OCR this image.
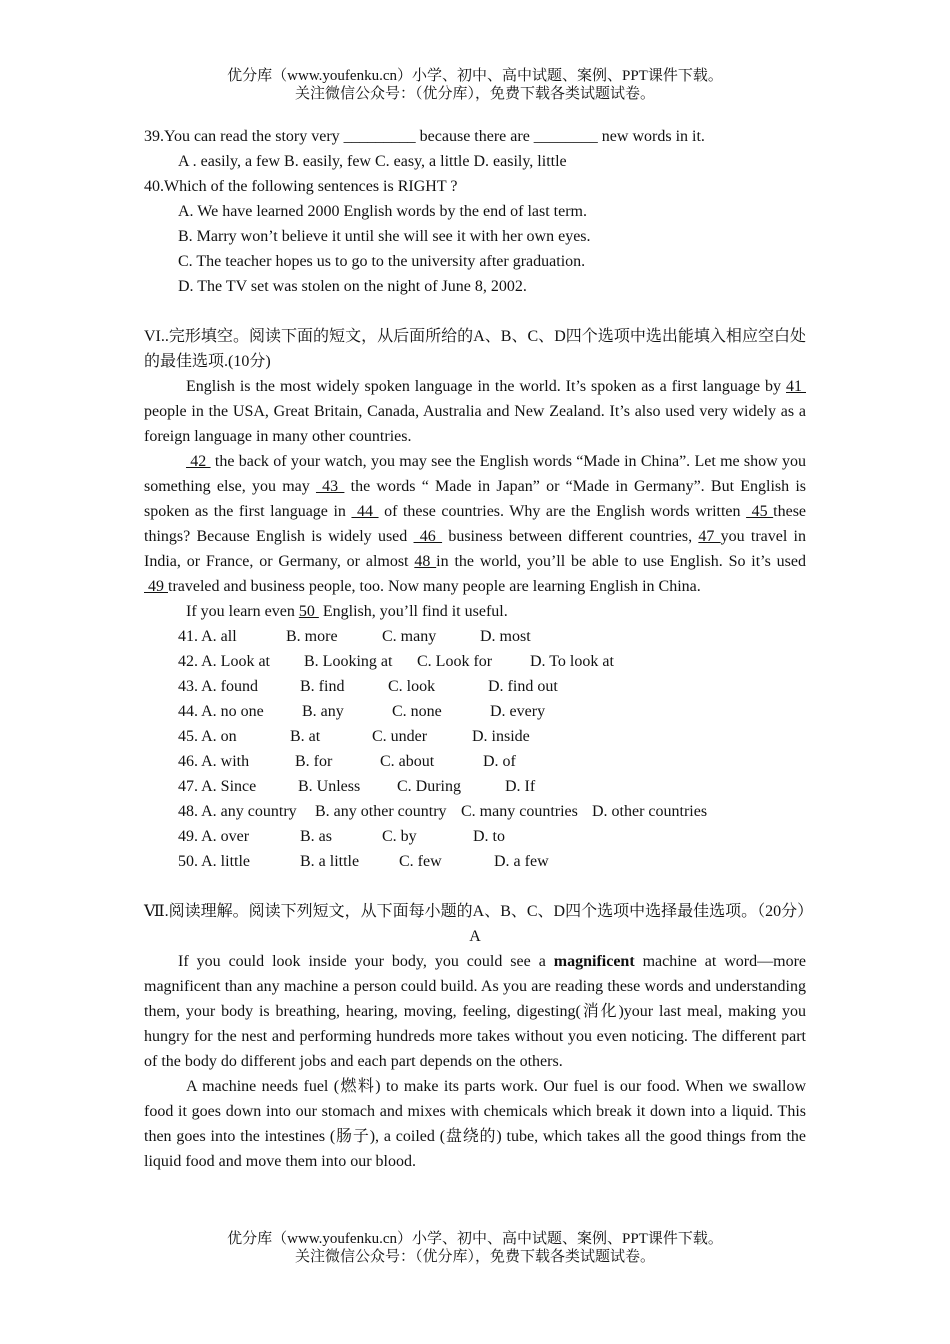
优分库（www.youfenku.cn）小学、初中、高中试题、案例、PPT课件下载。
关注微信公众号：（优分库），免费下载各类试题试卷。
39.You can read the story very _________ because there are ________ new words in it.
A . easily, a few B. easily, few C. easy, a little D. easily, little
40.Which of the following sentences is RIGHT ?
A. We have learned 2000 English words by the end of last term.
B. Marry won’t believe it until she will see it with her own eyes.
C. The teacher hopes us to go to the university after graduation.
D. The TV set was stolen on the night of June 8, 2002.
VI..完形填空。阅读下面的短文，从后面所给的A、B、C、D四个选项中选出能填入相应空白处的最佳选项.(10分)
English is the most widely spoken language in the world. It’s spoken as a first language by 41  people in the USA, Great Britain, Canada, Australia and New Zealand. It’s also used very widely as a foreign language in many other countries.
42  the back of your watch, you may see the English words “Made in China”. Let me show you something else, you may  43  the words “ Made in Japan” or “Made in Germany”. But English is spoken as the first language in  44  of these countries. Why are the English words written  45 these things? Because English is widely used  46  business between different countries, 47 you travel in India, or France, or Germany, or almost 48 in the world, you’ll be able to use English. So it’s used  49 traveled and business people, too. Now many people are learning English in China.
If you learn even 50  English, you’ll find it useful.
41. A. all	B. more	C. many	D. most
42. A. Look at B. Looking at C. Look for D. To look at
43. A. found	B. find	C. look	D. find out
44. A. no one B. any	C. none	D. every
45. A. on	B. at	C. under	D. inside
46. A. with	B. for	C. about	D. of
47. A. Since	B. Unless C. During	D. If
48. A. any country B. any other country C. many countries D. other countries
49. A. over	B. as	C. by	D. to
50. A. little	B. a little C. few	D. a few
Ⅶ.阅读理解。阅读下列短文，从下面每小题的A、B、C、D四个选项中选择最佳选项。（20分）
A
If you could look inside your body, you could see a magnificent machine at word—more magnificent than any machine a person could build. As you are reading these words and understanding them, your body is breathing, hearing, moving, feeling, digesting(消化)your last meal, making you hungry for the nest and performing hundreds more takes without you even noticing. The different part of the body do different jobs and each part depends on the others.
A machine needs fuel (燃料) to make its parts work. Our fuel is our food. When we swallow food it goes down into our stomach and mixes with chemicals which break it down into a liquid. This then goes into the intestines (肠子), a coiled (盘绕的) tube, which takes all the good things from the liquid food and move them into our blood.
优分库（www.youfenku.cn）小学、初中、高中试题、案例、PPT课件下载。
关注微信公众号：（优分库），免费下载各类试题试卷。
